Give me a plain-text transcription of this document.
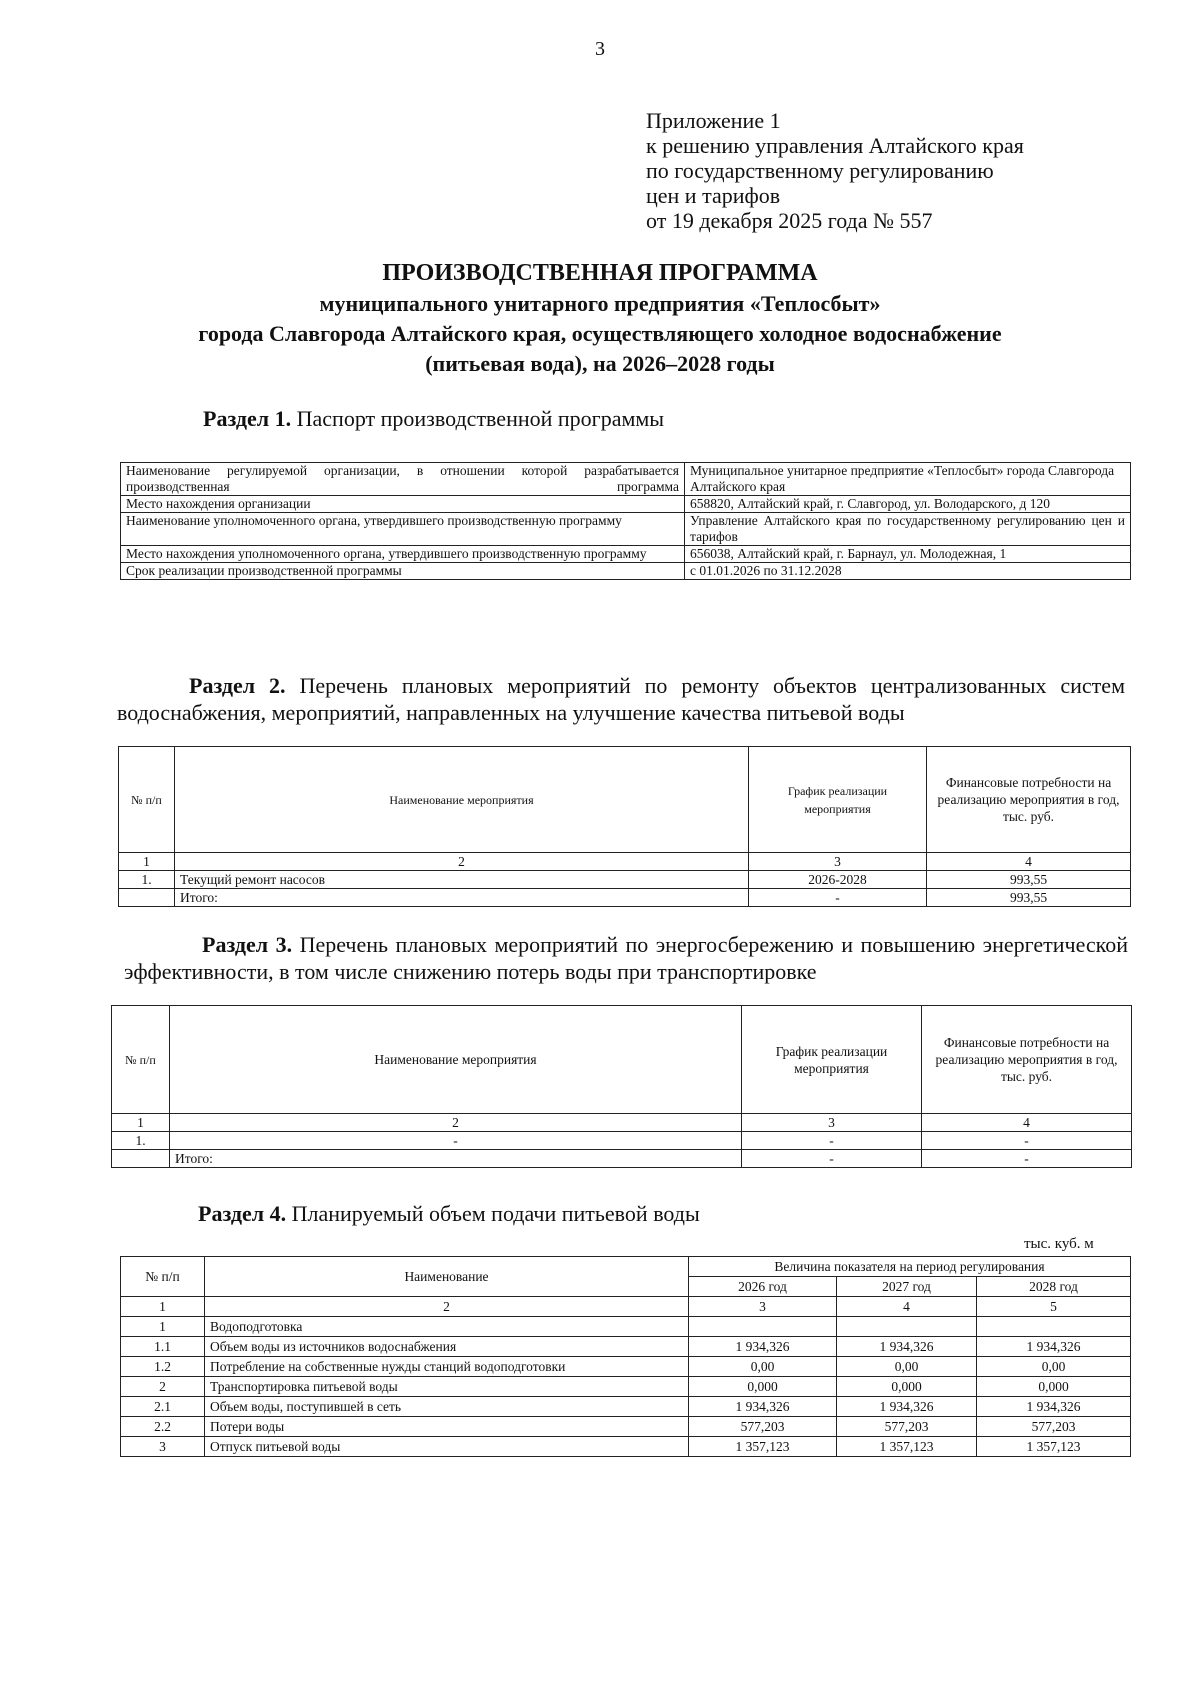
3
Приложение 1
к решению управления Алтайского края
по государственному регулированию
цен и тарифов
от 19 декабря 2025 года № 557
ПРОИЗВОДСТВЕННАЯ ПРОГРАММА
муниципального унитарного предприятия «Теплосбыт»
города Славгорода Алтайского края, осуществляющего холодное водоснабжение
(питьевая вода), на 2026–2028 годы
Раздел 1. Паспорт производственной программы
Наименование регулируемой организации, в отношении которой разрабатывается производственная программа	Муниципальное унитарное предприятие «Теплосбыт» города Славгорода Алтайского края
Место нахождения организации	658820, Алтайский край, г. Славгород, ул. Володарского, д 120
Наименование уполномоченного органа, утвердившего производственную программу	Управление Алтайского края по государственному регулированию цен и тарифов
Место нахождения уполномоченного органа, утвердившего производственную программу	656038, Алтайский край, г. Барнаул, ул. Молодежная, 1
Срок реализации производственной программы	с 01.01.2026 по 31.12.2028
Раздел 2. Перечень плановых мероприятий по ремонту объектов централизованных систем водоснабжения, мероприятий, направленных на улучшение качества питьевой воды
№ п/п	Наименование мероприятия	График реализации мероприятия	Финансовые потребности на реализацию мероприятия в год, тыс. руб.
1	2	3	4
1.	Текущий ремонт насосов	2026-2028	993,55
	Итого:	-	993,55
Раздел 3. Перечень плановых мероприятий по энергосбережению и повышению энергетической эффективности, в том числе снижению потерь воды при транспортировке
№ п/п	Наименование мероприятия	График реализации мероприятия	Финансовые потребности на реализацию мероприятия в год, тыс. руб.
1	2	3	4
1.	-	-	-
	Итого:	-	-
Раздел 4. Планируемый объем подачи питьевой воды
тыс. куб. м
№ п/п	Наименование	Величина показателя на период регулирования		
		2026 год	2027 год	2028 год
1	2	3	4	5
1	Водоподготовка			
1.1	Объем воды из источников водоснабжения	1 934,326	1 934,326	1 934,326
1.2	Потребление на собственные нужды станций водоподготовки	0,00	0,00	0,00
2	Транспортировка питьевой воды	0,000	0,000	0,000
2.1	Объем воды, поступившей в сеть	1 934,326	1 934,326	1 934,326
2.2	Потери воды	577,203	577,203	577,203
3	Отпуск питьевой воды	1 357,123	1 357,123	1 357,123
